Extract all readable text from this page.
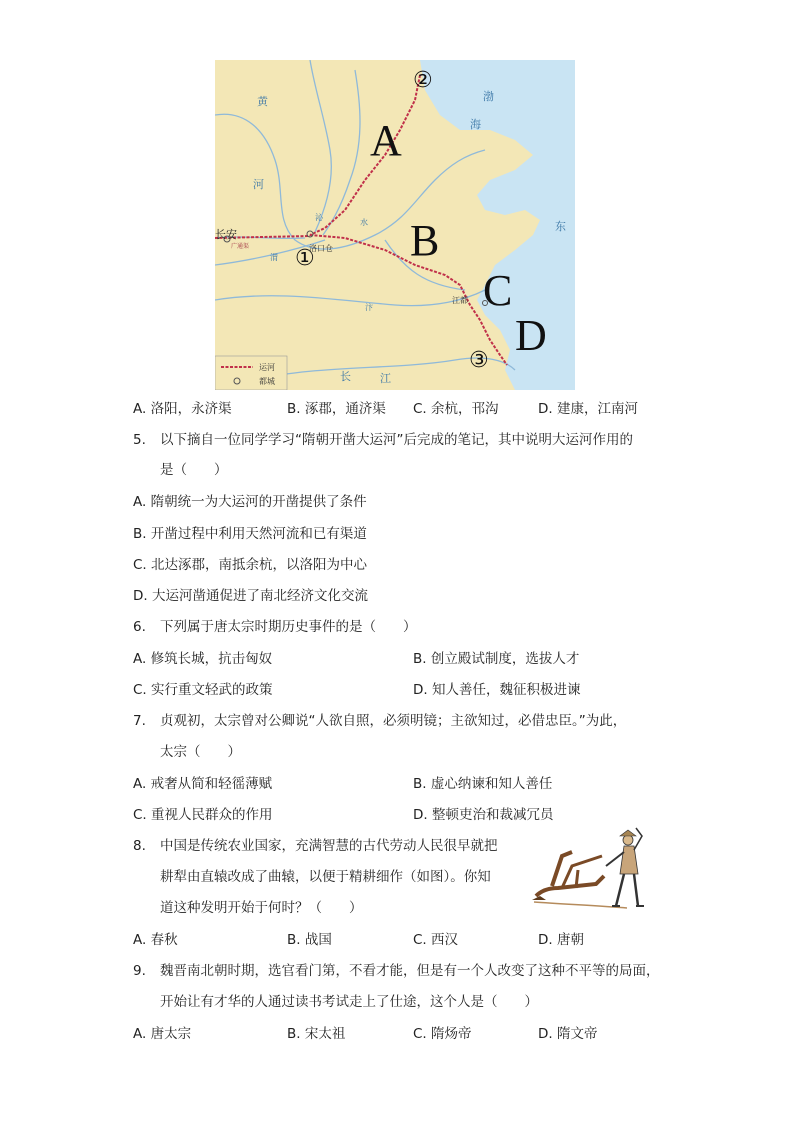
A
B
C
D
①
②
③
长安
洛口仓
江都
广通渠
黄
河
渤
海
东
长	江
水
沁
渭
汴
运河
都城
A. 洛阳，永济渠	B. 涿郡，通济渠 C. 余杭，邗沟	D. 建康，江南河
5. 以下摘自一位同学学习“隋朝开凿大运河”后完成的笔记，其中说明大运河作用的
是（　　）
A. 隋朝统一为大运河的开凿提供了条件
B. 开凿过程中利用天然河流和已有渠道
C. 北达涿郡，南抵余杭，以洛阳为中心
D. 大运河凿通促进了南北经济文化交流
6. 下列属于唐太宗时期历史事件的是（　　）
A. 修筑长城，抗击匈奴	B. 创立殿试制度，选拔人才
C. 实行重文轻武的政策	D. 知人善任，魏征积极进谏
7. 贞观初，太宗曾对公卿说“人欲自照，必须明镜；主欲知过，必借忠臣。”为此，
太宗（　　）
A. 戒奢从简和轻徭薄赋	B. 虚心纳谏和知人善任
C. 重视人民群众的作用	D. 整顿吏治和裁减冗员
8. 中国是传统农业国家，充满智慧的古代劳动人民很早就把
耕犁由直辕改成了曲辕，以便于精耕细作（如图）。你知
道这种发明开始于何时？（　　）
A. 春秋	B. 战国	C. 西汉	D. 唐朝
9. 魏晋南北朝时期，选官看门第，不看才能，但是有一个人改变了这种不平等的局面，
开始让有才华的人通过读书考试走上了仕途，这个人是（　　）
A. 唐太宗	B. 宋太祖	C. 隋炀帝	D. 隋文帝
